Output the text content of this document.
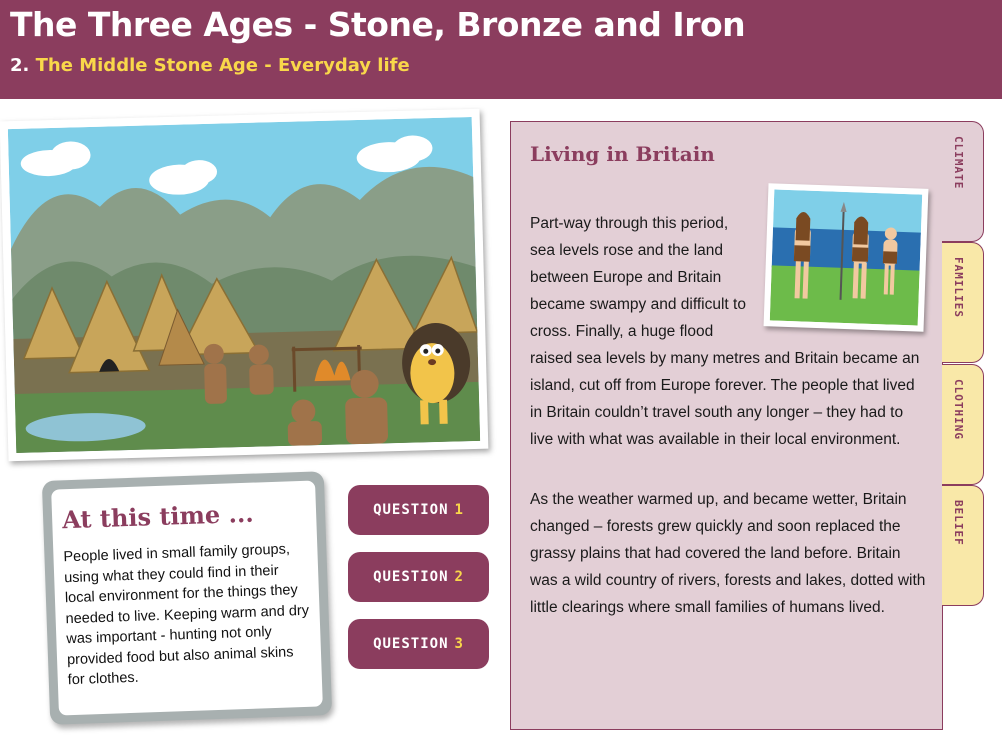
The Three Ages - Stone, Bronze and Iron
2. The Middle Stone Age - Everyday life
At this time ...

People lived in small family groups, using what they could find in their local environment for the things they needed to live. Keeping warm and dry was important - hunting not only provided food but also animal skins for clothes.

QUESTION 1
QUESTION 2
QUESTION 3
Living in Britain
Part-way through this period, sea levels rose and the land between Europe and Britain became swampy and difficult to cross. Finally, a huge flood raised sea levels by many metres and Britain became an island, cut off from Europe forever. The people that lived in Britain couldn’t travel south any longer – they had to live with what was available in their local environment.
As the weather warmed up, and became wetter, Britain changed – forests grew quickly and soon replaced the grassy plains that had covered the land before. Britain was a wild country of rivers, forests and lakes, dotted with little clearings where small families of humans lived.
CLIMATE
FAMILIES
CLOTHING
BELIEF
